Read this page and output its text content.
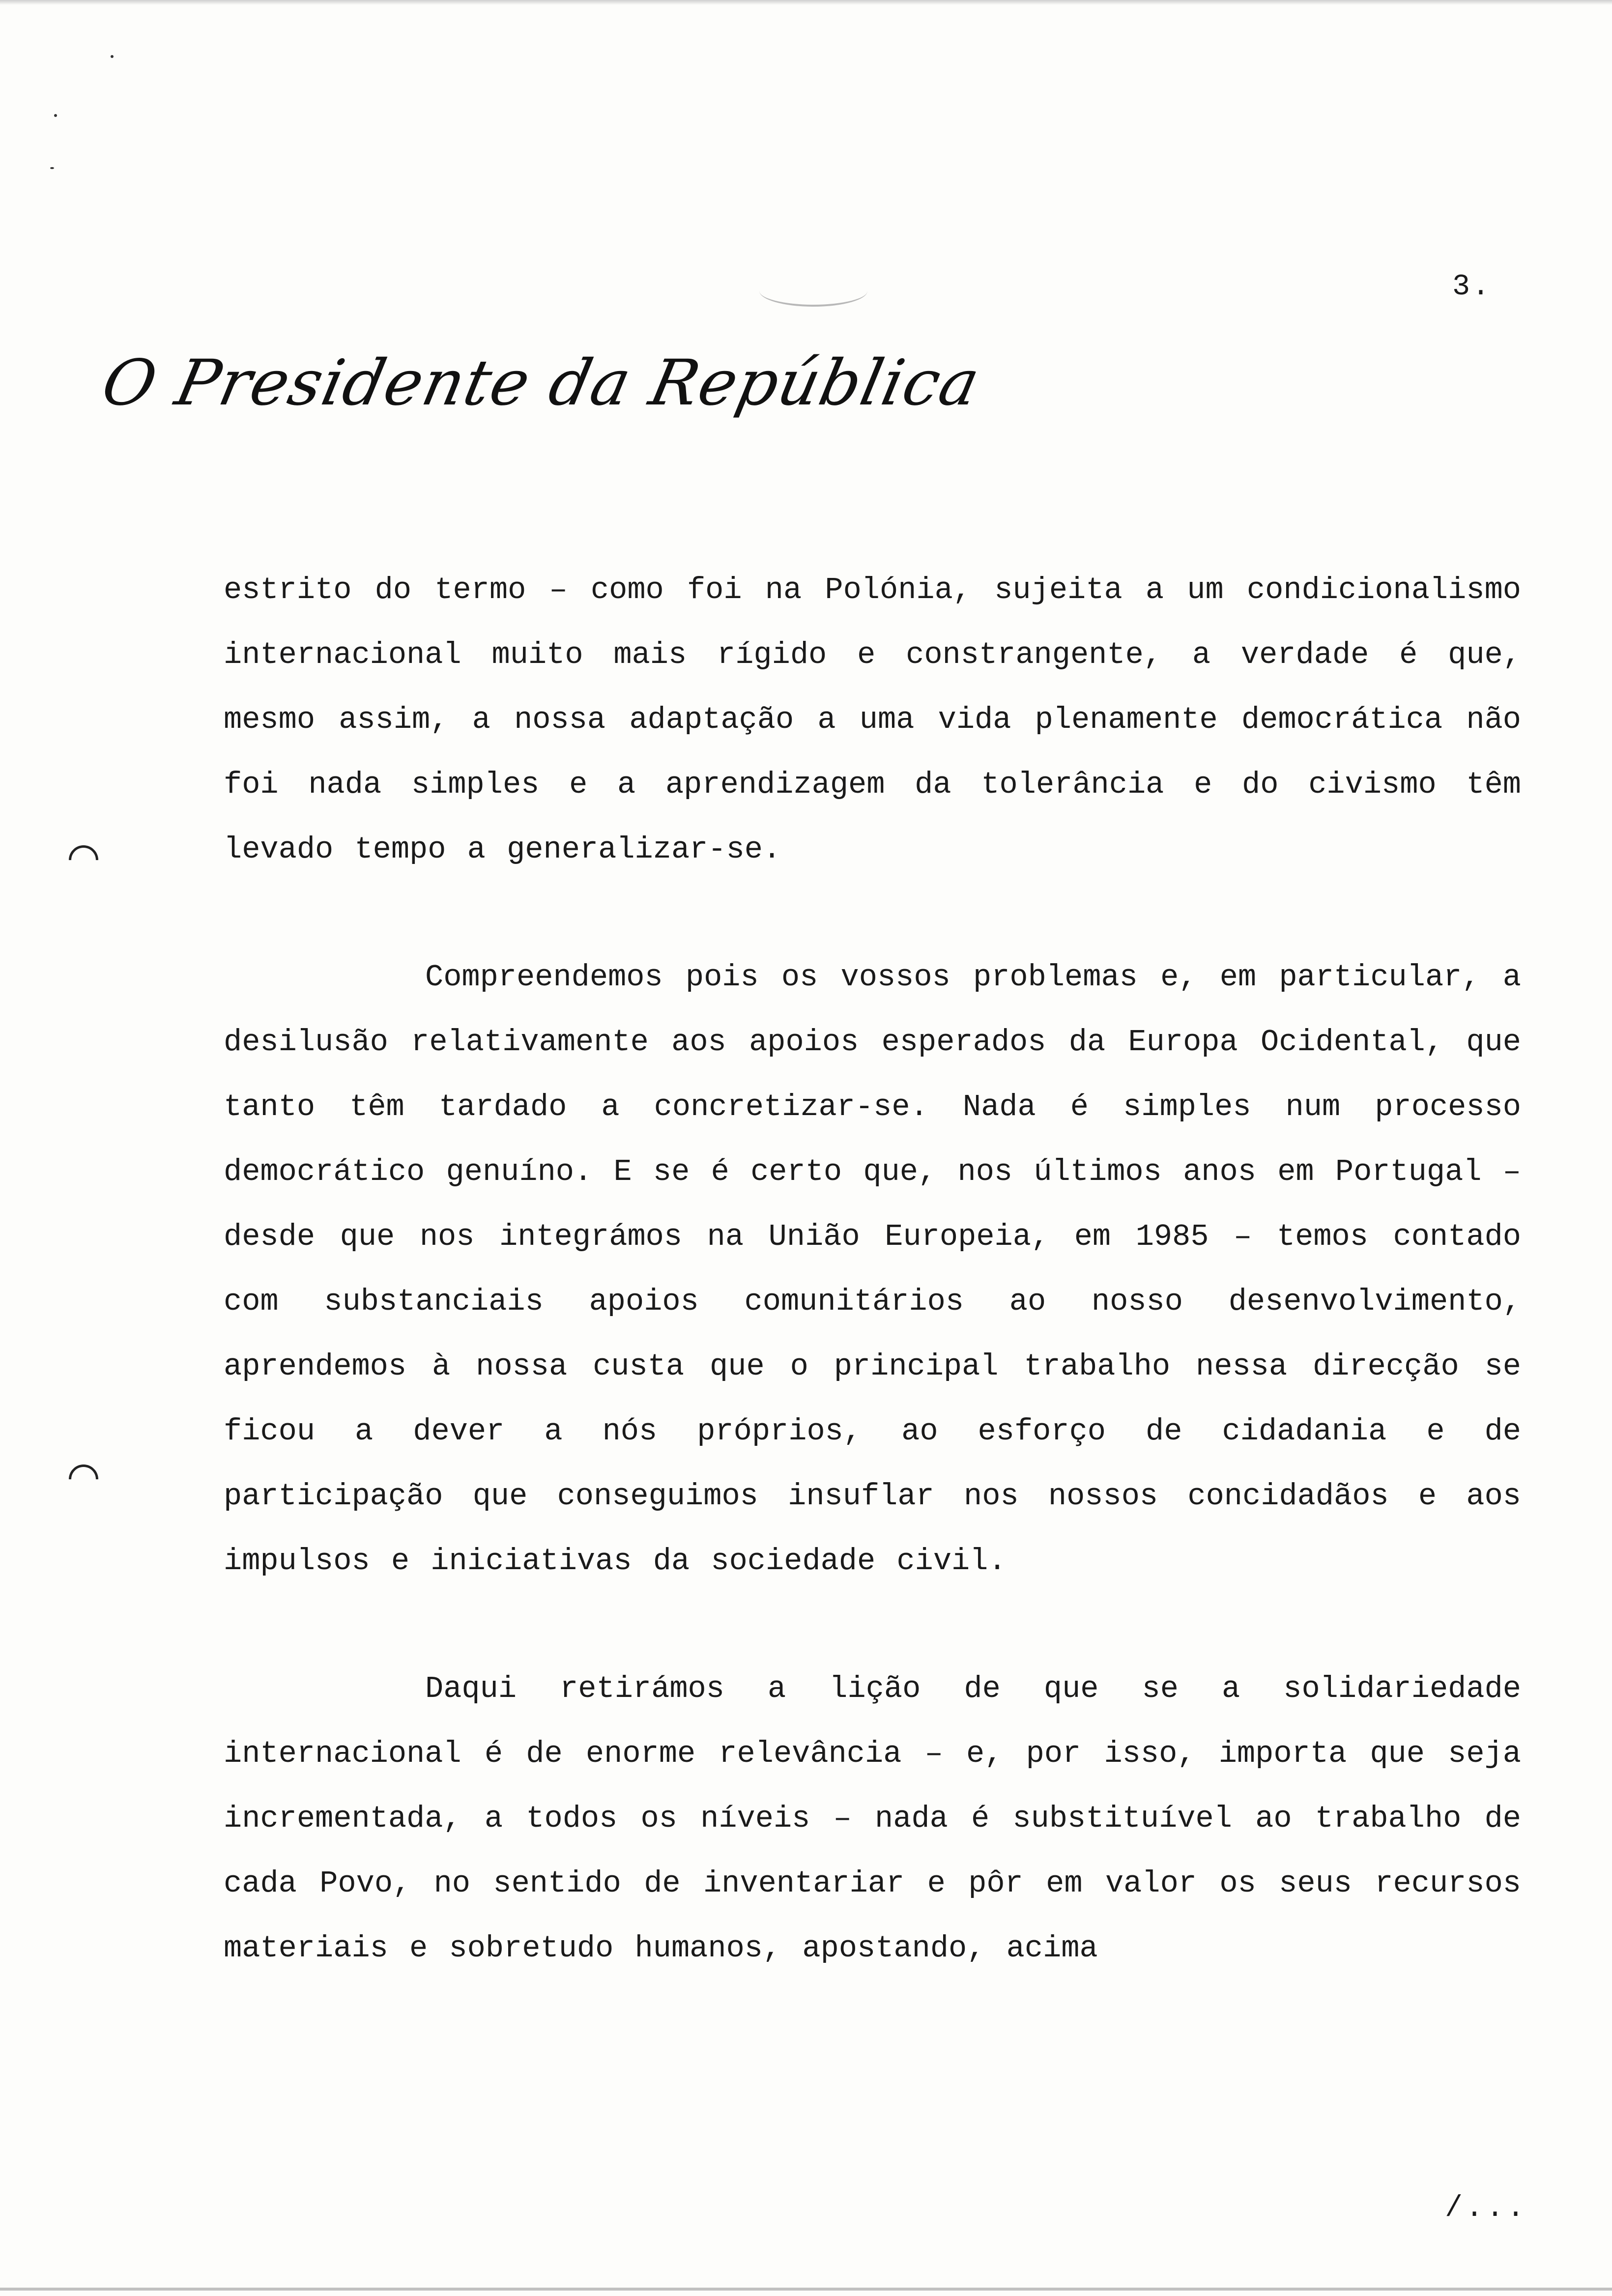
3.
O Presidente da República

estrito do termo – como foi na Polónia, sujeita a um condicionalismo internacional muito mais rígido e constrangente, a verdade é que, mesmo assim, a nossa adaptação a uma vida plenamente democrática não foi nada simples e a aprendizagem da tolerância e do civismo têm levado tempo a generalizar-se.

Compreendemos pois os vossos problemas e, em particular, a desilusão relativamente aos apoios esperados da Europa Ocidental, que tanto têm tardado a concretizar-se. Nada é simples num processo democrático genuíno. E se é certo que, nos últimos anos em Portugal – desde que nos integrámos na União Europeia, em 1985 – temos contado com substanciais apoios comunitários ao nosso desenvolvimento, aprendemos à nossa custa que o principal trabalho nessa direcção se ficou a dever a nós próprios, ao esforço de cidadania e de participação que conseguimos insuflar nos nossos concidadãos e aos impulsos e iniciativas da sociedade civil.

Daqui retirámos a lição de que se a solidariedade internacional é de enorme relevância – e, por isso, importa que seja incrementada, a todos os níveis – nada é substituível ao trabalho de cada Povo, no sentido de inventariar e pôr em valor os seus recursos materiais e sobretudo humanos, apostando, acima

/...
